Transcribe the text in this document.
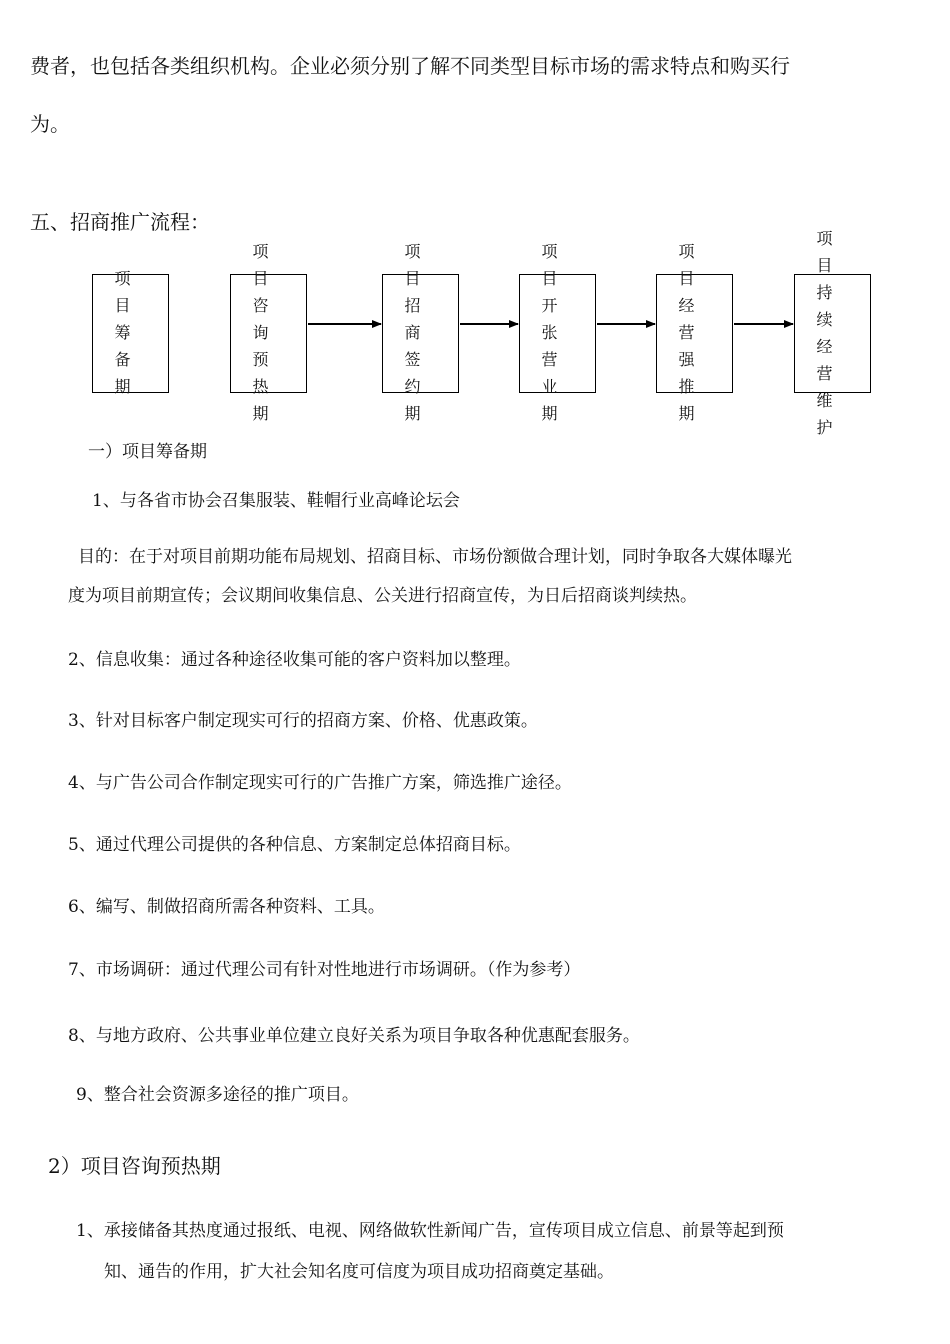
费者，也包括各类组织机构。企业必须分别了解不同类型目标市场的需求特点和购买行
为。
五、招商推广流程：
项目筹备期
项目咨询预热期
项目招商签约期
项目开张营业期
项目经营强推期
项目持续经营维护
一）项目筹备期
1、与各省市协会召集服装、鞋帽行业高峰论坛会
目的：在于对项目前期功能布局规划、招商目标、市场份额做合理计划，同时争取各大媒体曝光
度为项目前期宣传；会议期间收集信息、公关进行招商宣传，为日后招商谈判续热。
2、信息收集：通过各种途径收集可能的客户资料加以整理。
3、针对目标客户制定现实可行的招商方案、价格、优惠政策。
4、与广告公司合作制定现实可行的广告推广方案，筛选推广途径。
5、通过代理公司提供的各种信息、方案制定总体招商目标。
6、编写、制做招商所需各种资料、工具。
7、市场调研：通过代理公司有针对性地进行市场调研。（作为参考）
8、与地方政府、公共事业单位建立良好关系为项目争取各种优惠配套服务。
9、整合社会资源多途径的推广项目。
2）项目咨询预热期
1、承接储备其热度通过报纸、电视、网络做软性新闻广告，宣传项目成立信息、前景等起到预
知、通告的作用，扩大社会知名度可信度为项目成功招商奠定基础。
